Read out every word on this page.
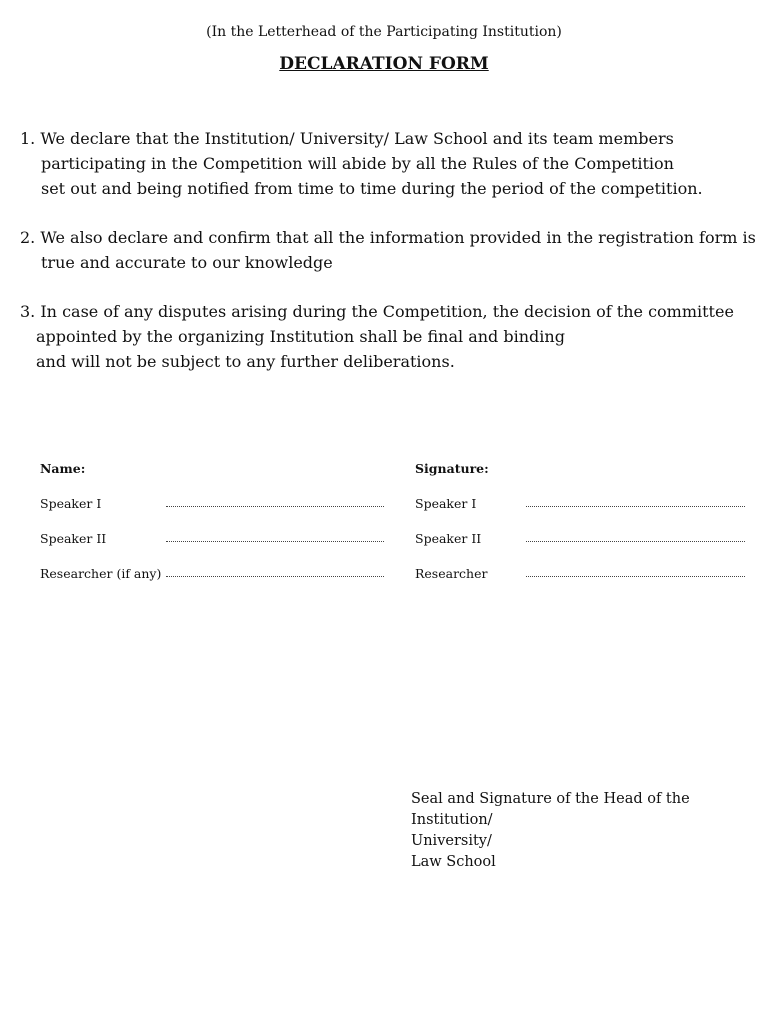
(In the Letterhead of the Participating Institution)
DECLARATION FORM
1. We declare that the Institution/ University/ Law School and its team members
participating in the Competition will abide by all the Rules of the Competition
set out and being notified from time to time during the period of the competition.
2. We also declare and confirm that all the information provided in the registration form is
true and accurate to our knowledge
3. In case of any disputes arising during the Competition, the decision of the committee
appointed by the organizing Institution shall be final and binding
and will not be subject to any further deliberations.
Name:
Speaker I
Speaker II
Researcher (if any)
Signature:
Speaker I
Speaker II
Researcher
Seal and Signature of the Head of the Institution/
University/
Law School
